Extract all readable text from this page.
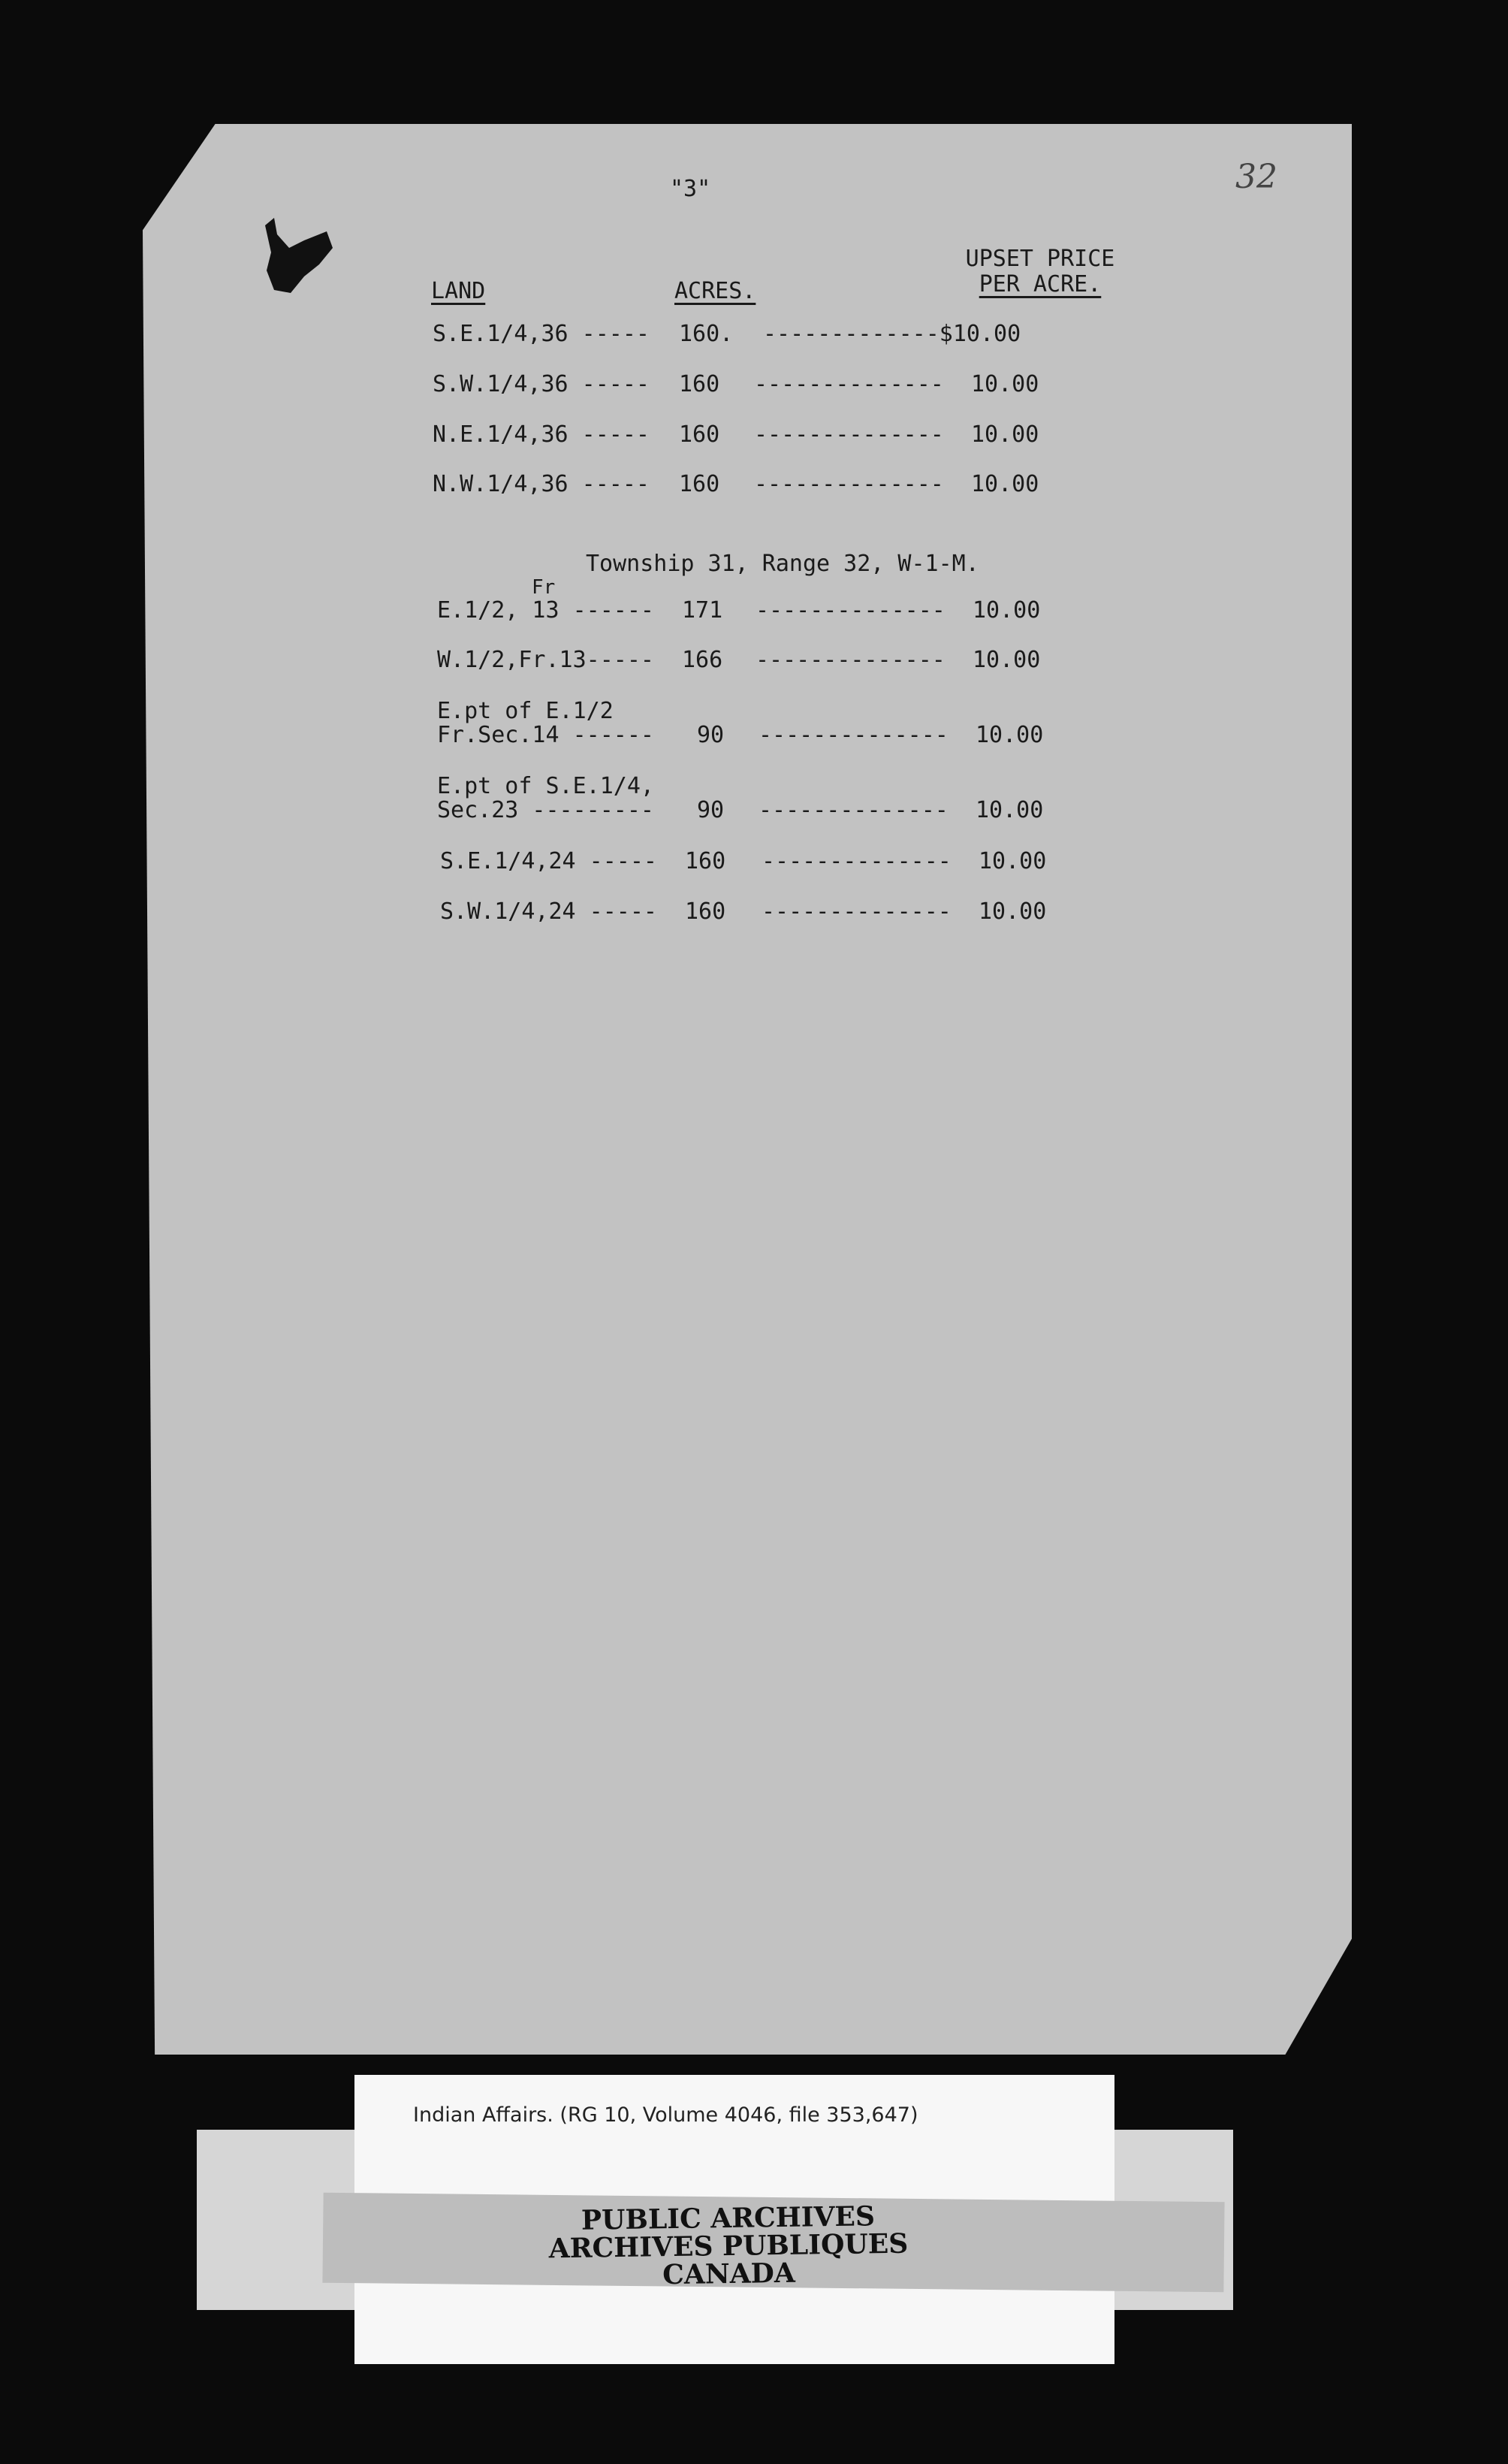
"3"	32
LAND	ACRES.
UPSET PRICE
PER ACRE.
S.E.1/4,36 ----- 160. -------------$10.00
S.W.1/4,36 ----- 160 --------------  10.00
N.E.1/4,36 ----- 160 --------------  10.00
N.W.1/4,36 ----- 160 --------------  10.00
Township 31, Range 32, W-1-M.
Fr
E.1/2, 13 ------ 171 --------------  10.00
W.1/2,Fr.13----- 166 --------------  10.00
E.pt of E.1/2
Fr.Sec.14 ------ 90 --------------  10.00
E.pt of S.E.1/4,
Sec.23 --------- 90 --------------  10.00
S.E.1/4,24 ----- 160 --------------  10.00
S.W.1/4,24 ----- 160 --------------  10.00
Indian Affairs. (RG 10, Volume 4046, file 353,647)
PUBLIC ARCHIVES
ARCHIVES PUBLIQUES
CANADA
